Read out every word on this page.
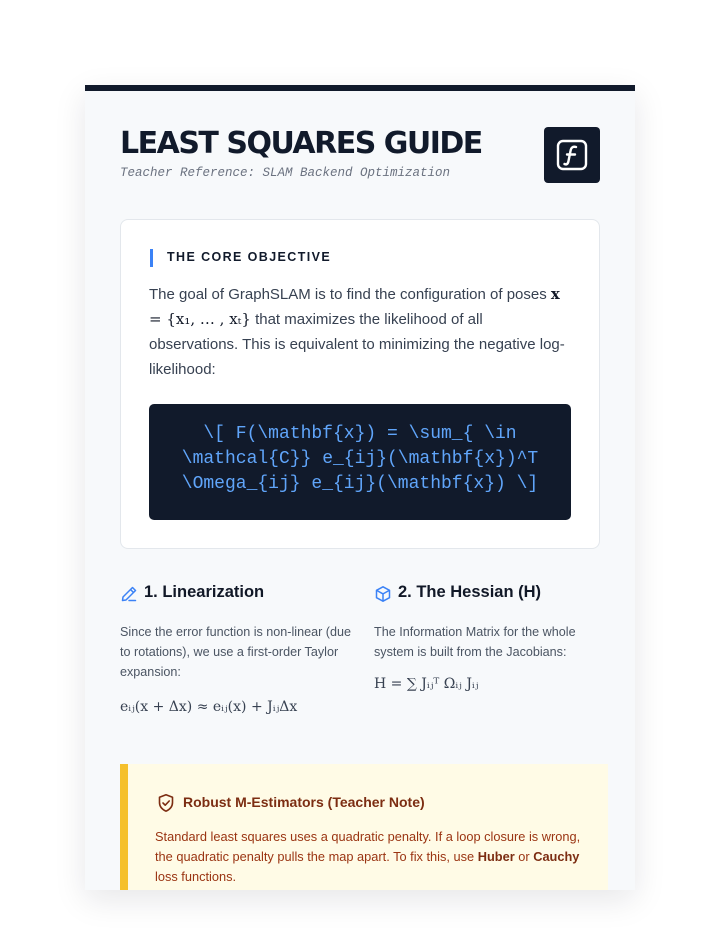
LEAST SQUARES GUIDE

Teacher Reference: SLAM Backend Optimization

THE CORE OBJECTIVE
The goal of GraphSLAM is to find the configuration of poses x = {x₁, … , xₜ} that maximizes the likelihood of all observations. This is equivalent to minimizing the negative log-likelihood:
\[ F(\mathbf{x}) = \sum_{ \in
\mathcal{C}} e_{ij}(\mathbf{x})^T
\Omega_{ij} e_{ij}(\mathbf{x}) \]
1. Linearization
Since the error function is non-linear (due to rotations), we use a first-order Taylor expansion:
eᵢⱼ(x + Δx) ≈ eᵢⱼ(x) + JᵢⱼΔx
2. The Hessian (H)
The Information Matrix for the whole system is built from the Jacobians:
H = ∑ Jᵢⱼᵀ Ωᵢⱼ Jᵢⱼ
Robust M-Estimators (Teacher Note)
Standard least squares uses a quadratic penalty. If a loop closure is wrong, the quadratic penalty pulls the map apart. To fix this, use Huber or Cauchy loss functions.
